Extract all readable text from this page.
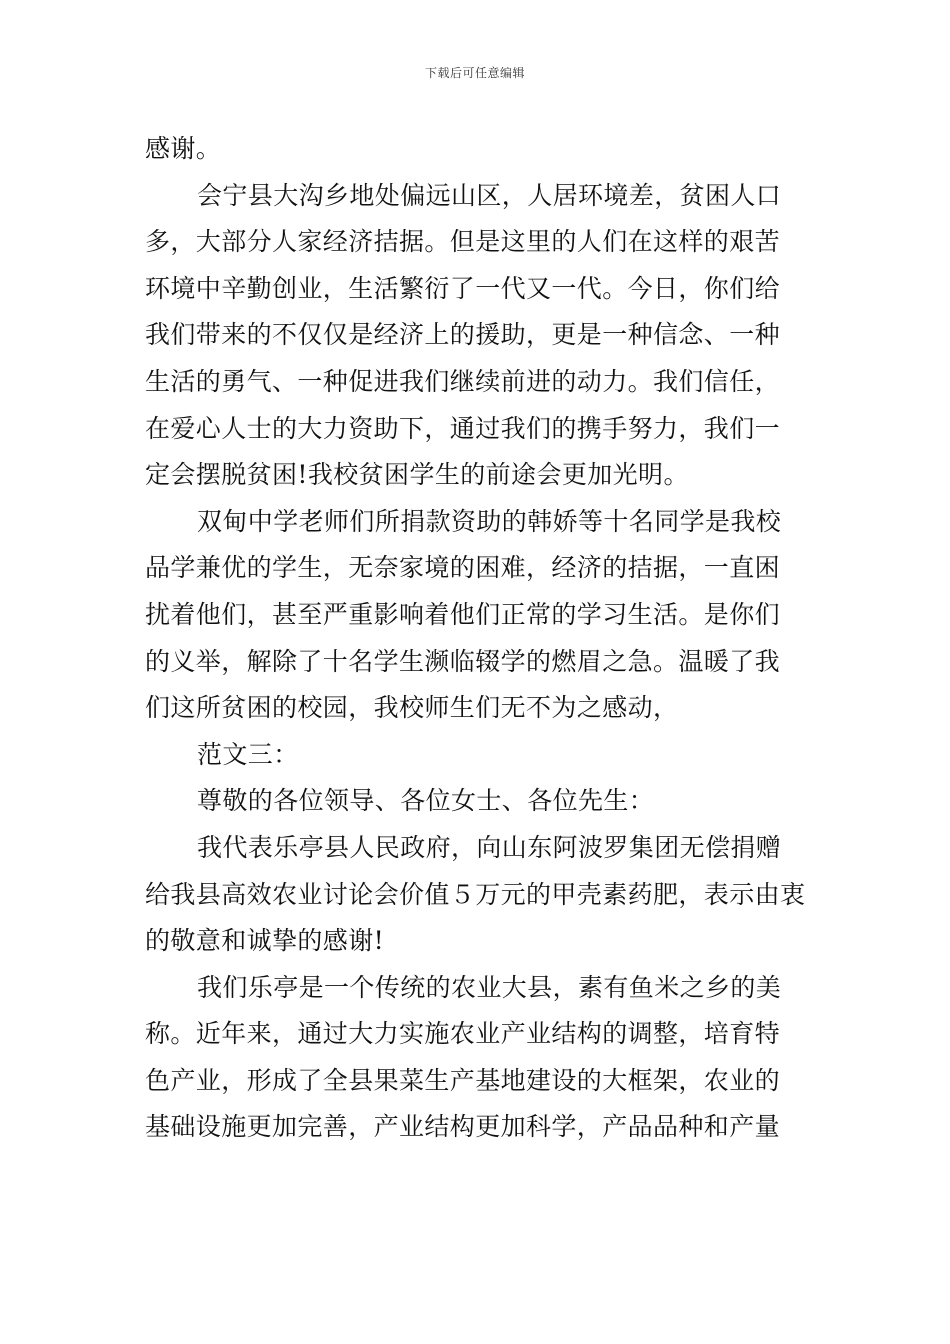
下载后可任意编辑
感谢。
会宁县大沟乡地处偏远山区，人居环境差，贫困人口
多，大部分人家经济拮据。但是这里的人们在这样的艰苦
环境中辛勤创业，生活繁衍了一代又一代。今日，你们给
我们带来的不仅仅是经济上的援助，更是一种信念、一种
生活的勇气、一种促进我们继续前进的动力。我们信任，
在爱心人士的大力资助下，通过我们的携手努力，我们一
定会摆脱贫困!我校贫困学生的前途会更加光明。
双甸中学老师们所捐款资助的韩娇等十名同学是我校
品学兼优的学生，无奈家境的困难，经济的拮据，一直困
扰着他们，甚至严重影响着他们正常的学习生活。是你们
的义举，解除了十名学生濒临辍学的燃眉之急。温暖了我
们这所贫困的校园，我校师生们无不为之感动，
范文三：
尊敬的各位领导、各位女士、各位先生：
我代表乐亭县人民政府，向山东阿波罗集团无偿捐赠
给我县高效农业讨论会价值５万元的甲壳素药肥，表示由衷
的敬意和诚挚的感谢!
我们乐亭是一个传统的农业大县，素有鱼米之乡的美
称。近年来，通过大力实施农业产业结构的调整，培育特
色产业，形成了全县果菜生产基地建设的大框架，农业的
基础设施更加完善，产业结构更加科学，产品品种和产量
